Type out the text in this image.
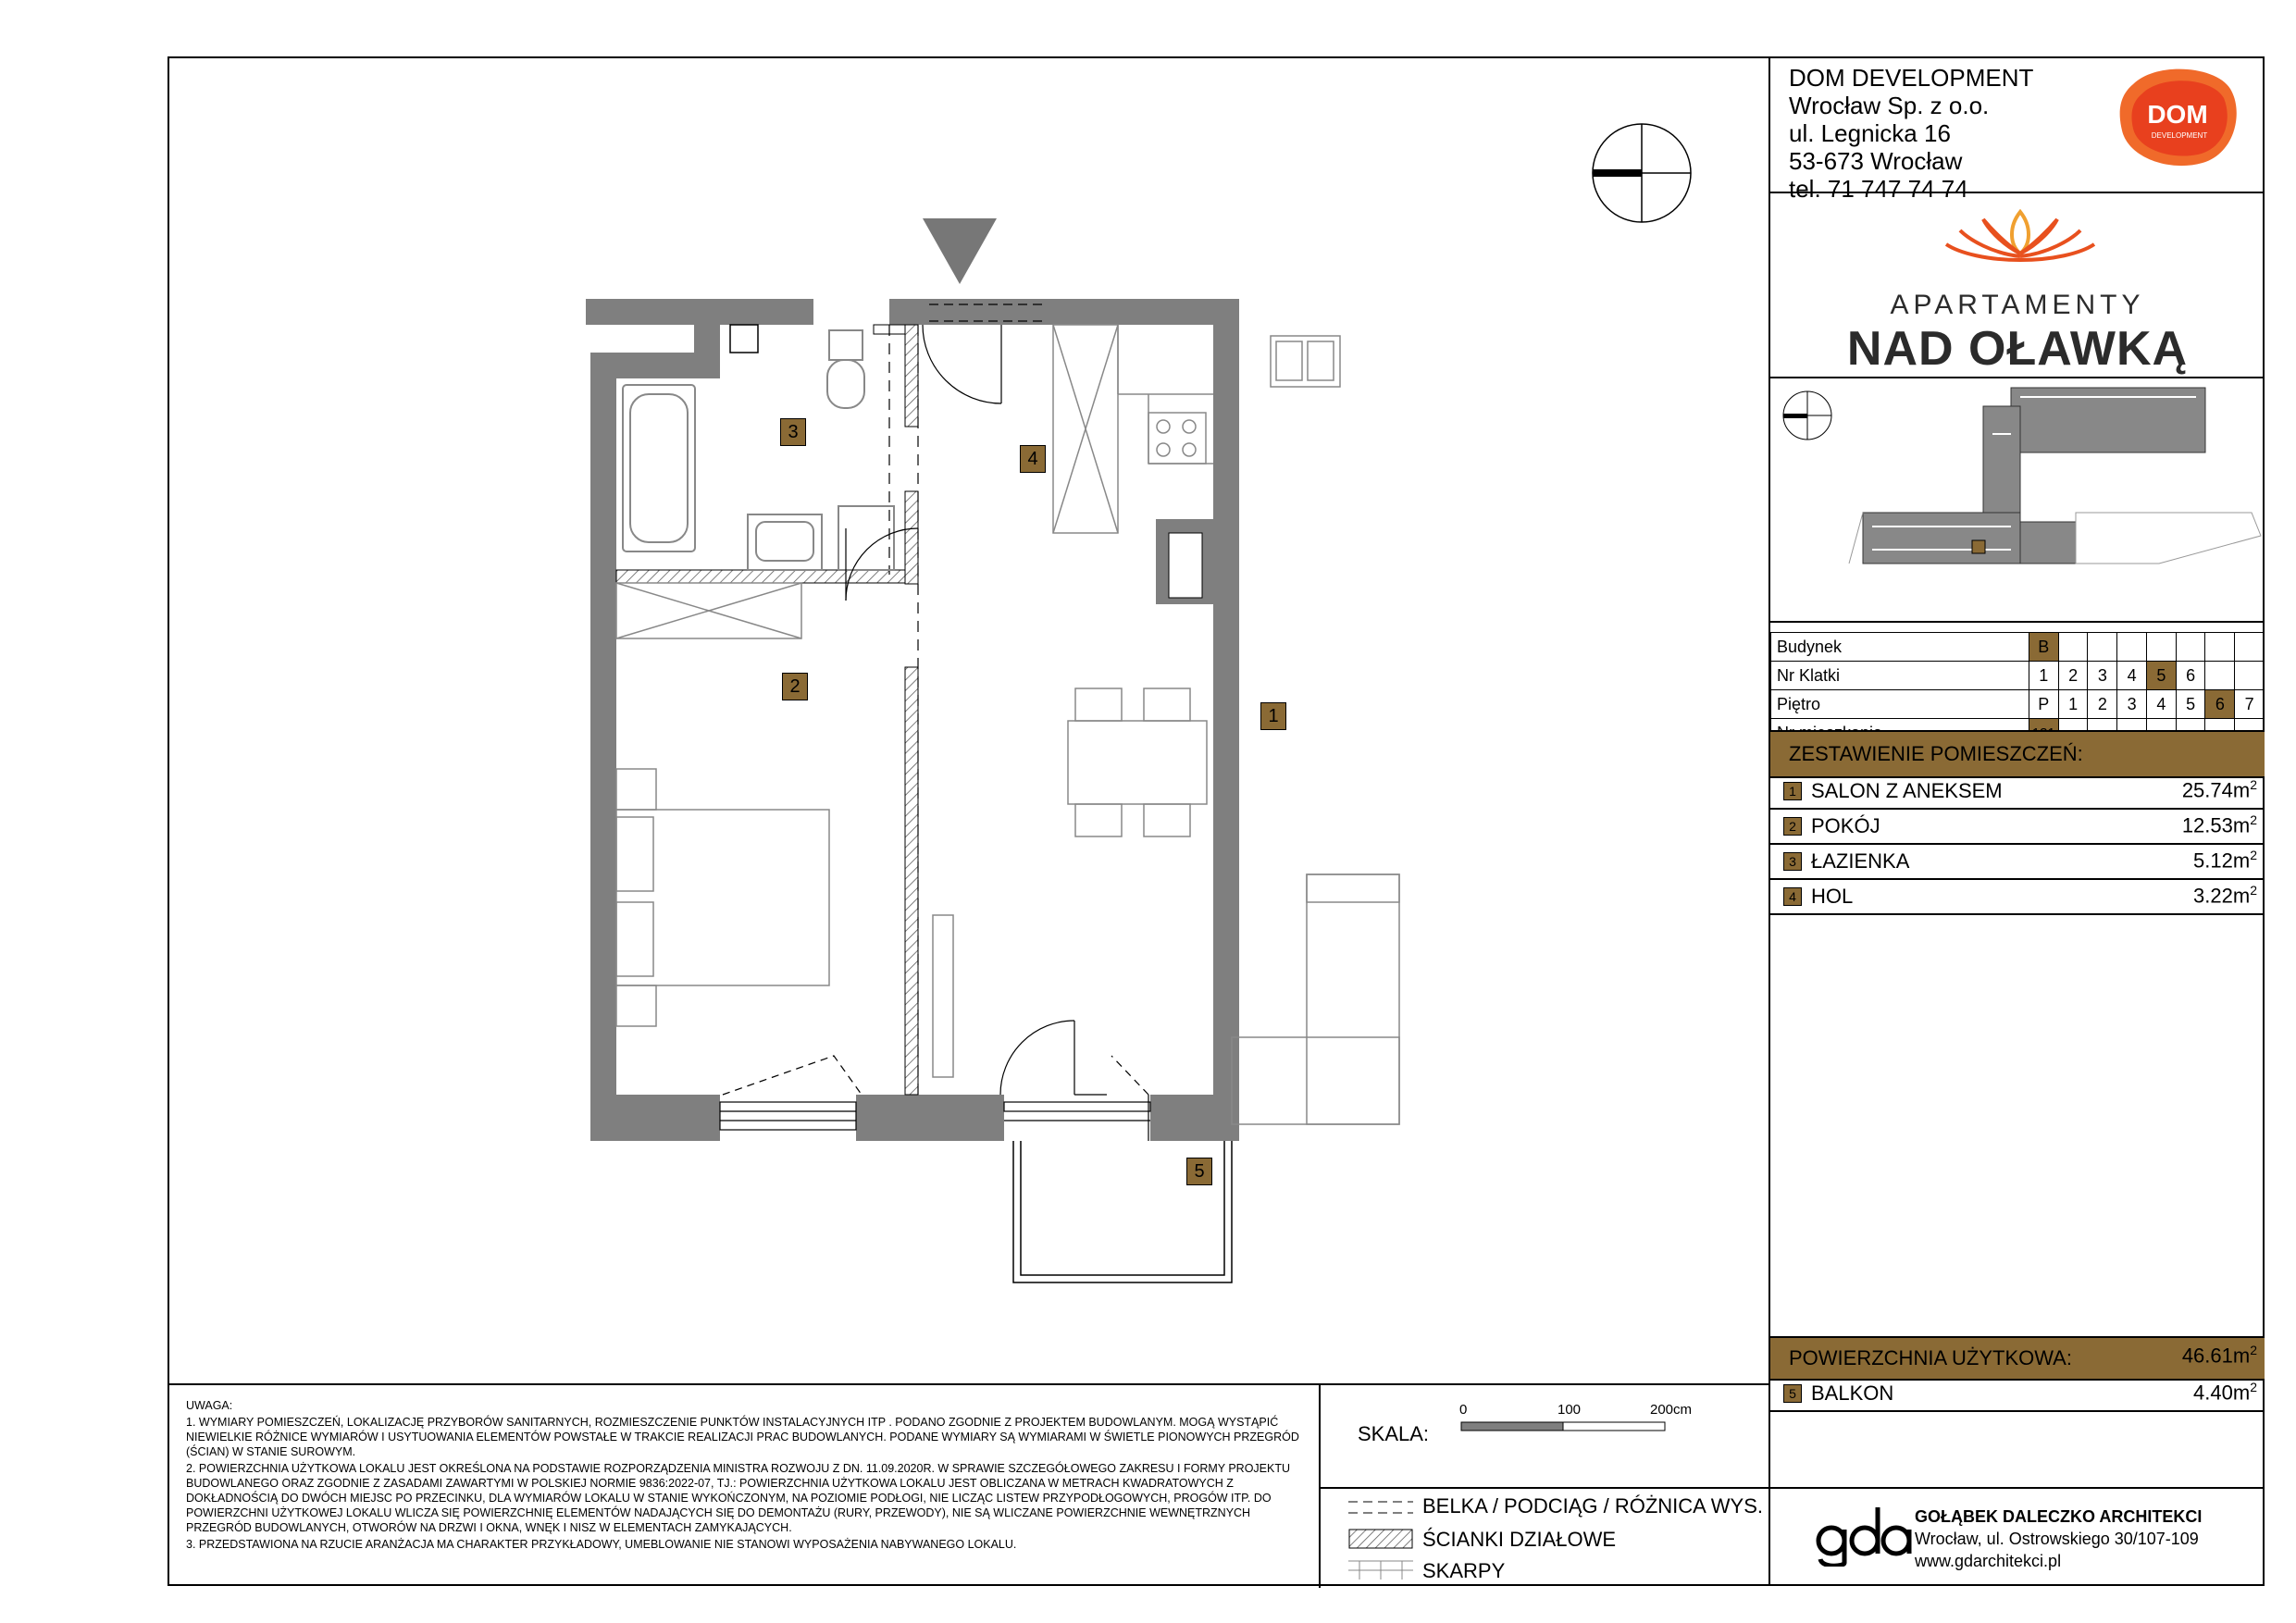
1
2
3
4
5
DOM DEVELOPMENT
Wrocław Sp. z o.o.
ul. Legnicka 16
53-673 Wrocław
tel. 71 747 74 74
DOM
DEVELOPMENT
APARTAMENTY
NAD OŁAWKĄ
Budynek	B							
Nr Klatki	1	2	3	4	5	6		
Piętro	P	1	2	3	4	5	6	7

ZESTAWIENIE POMIESZCZEŃ:
1 SALON Z ANEKSEM	$25.74m^2$
2 POKÓJ	$12.53m^2$
3 ŁAZIENKA	$5.12m^2$
4 HOL	$3.22m^2$
POWIERZCHNIA UŻYTKOWA:	$46.61m^2$
5 BALKON	$4.40m^2$
GOŁĄBEK DALECZKO ARCHITEKCI
Wrocław, ul. Ostrowskiego 30/107-109
www.gdarchitekci.pl

UWAGA:

1. WYMIARY POMIESZCZEŃ, LOKALIZACJĘ PRZYBORÓW SANITARNYCH, ROZMIESZCZENIE PUNKTÓW INSTALACYJNYCH ITP . PODANO ZGODNIE Z PROJEKTEM BUDOWLANYM. MOGĄ WYSTĄPIĆ NIEWIELKIE RÓŻNICE WYMIARÓW I USYTUOWANIA ELEMENTÓW POWSTAŁE W TRAKCIE REALIZACJI PRAC BUDOWLANYCH. PODANE WYMIARY SĄ WYMIARAMI W ŚWIETLE PIONOWYCH PRZEGRÓD (ŚCIAN) W STANIE SUROWYM.

2. POWIERZCHNIA UŻYTKOWA LOKALU JEST OKREŚLONA NA PODSTAWIE ROZPORZĄDZENIA MINISTRA ROZWOJU Z DN. 11.09.2020R. W SPRAWIE SZCZEGÓŁOWEGO ZAKRESU I FORMY PROJEKTU BUDOWLANEGO ORAZ ZGODNIE Z ZASADAMI ZAWARTYMI W POLSKIEJ NORMIE 9836:2022-07, TJ.: POWIERZCHNIA UŻYTKOWA LOKALU JEST OBLICZANA W METRACH KWADRATOWYCH Z DOKŁADNOŚCIĄ DO DWÓCH MIEJSC PO PRZECINKU, DLA WYMIARÓW LOKALU W STANIE WYKOŃCZONYM, NA POZIOMIE PODŁOGI, NIE LICZĄC LISTEW PRZYPODŁOGOWYCH, PROGÓW ITP. DO POWIERZCHNI UŻYTKOWEJ LOKALU WLICZA SIĘ POWIERZCHNIĘ ELEMENTÓW NADAJĄCYCH SIĘ DO DEMONTAŻU (RURY, PRZEWODY), NIE SĄ WLICZANE POWIERZCHNIE WEWNĘTRZNYCH PRZEGRÓD BUDOWLANYCH, OTWORÓW NA DRZWI I OKNA, WNĘK I NISZ W ELEMENTACH ZAMYKAJĄCYCH.

3. PRZEDSTAWIONA NA RZUCIE ARANŻACJA MA CHARAKTER PRZYKŁADOWY, UMEBLOWANIE NIE STANOWI WYPOSAŻENIA NABYWANEGO LOKALU.

SKALA:
0	100	200cm
BELKA / PODCIĄG / RÓŻNICA WYS.
ŚCIANKI DZIAŁOWE
SKARPY
